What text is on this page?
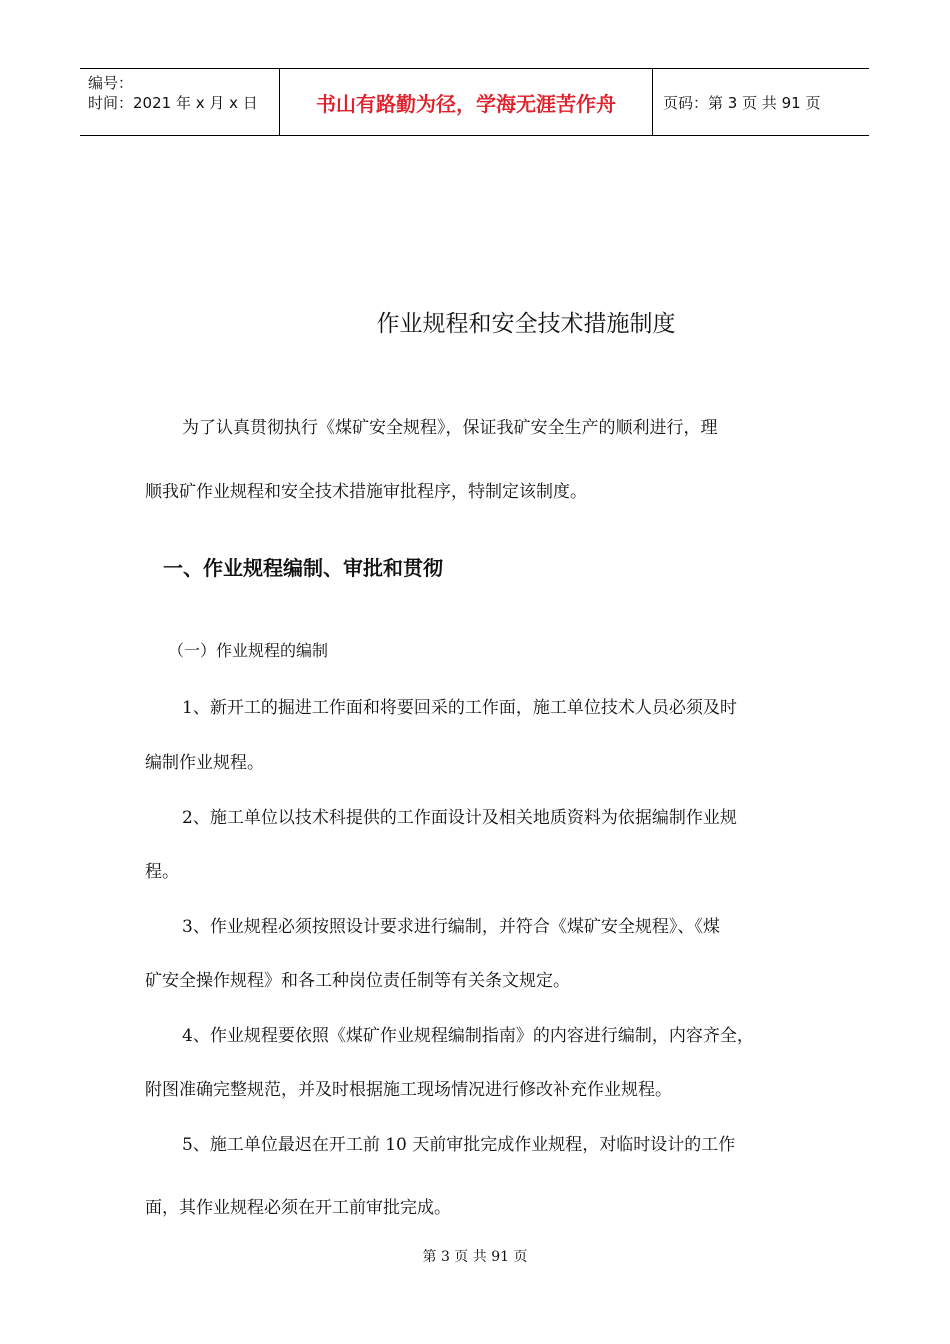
编号：
时间：2021 年 x 月 x 日	书山有路勤为径，学海无涯苦作舟	页码：第 3 页 共 91 页
作业规程和安全技术措施制度
为了认真贯彻执行《煤矿安全规程》，保证我矿安全生产的顺利进行，理
顺我矿作业规程和安全技术措施审批程序，特制定该制度。
一、作业规程编制、审批和贯彻
（一）作业规程的编制
1、新开工的掘进工作面和将要回采的工作面，施工单位技术人员必须及时
编制作业规程。
2、施工单位以技术科提供的工作面设计及相关地质资料为依据编制作业规
程。
3、作业规程必须按照设计要求进行编制，并符合《煤矿安全规程》、《煤
矿安全操作规程》和各工种岗位责任制等有关条文规定。
4、作业规程要依照《煤矿作业规程编制指南》的内容进行编制，内容齐全，
附图准确完整规范，并及时根据施工现场情况进行修改补充作业规程。
5、施工单位最迟在开工前 10 天前审批完成作业规程，对临时设计的工作
面，其作业规程必须在开工前审批完成。
第 3 页 共 91 页
